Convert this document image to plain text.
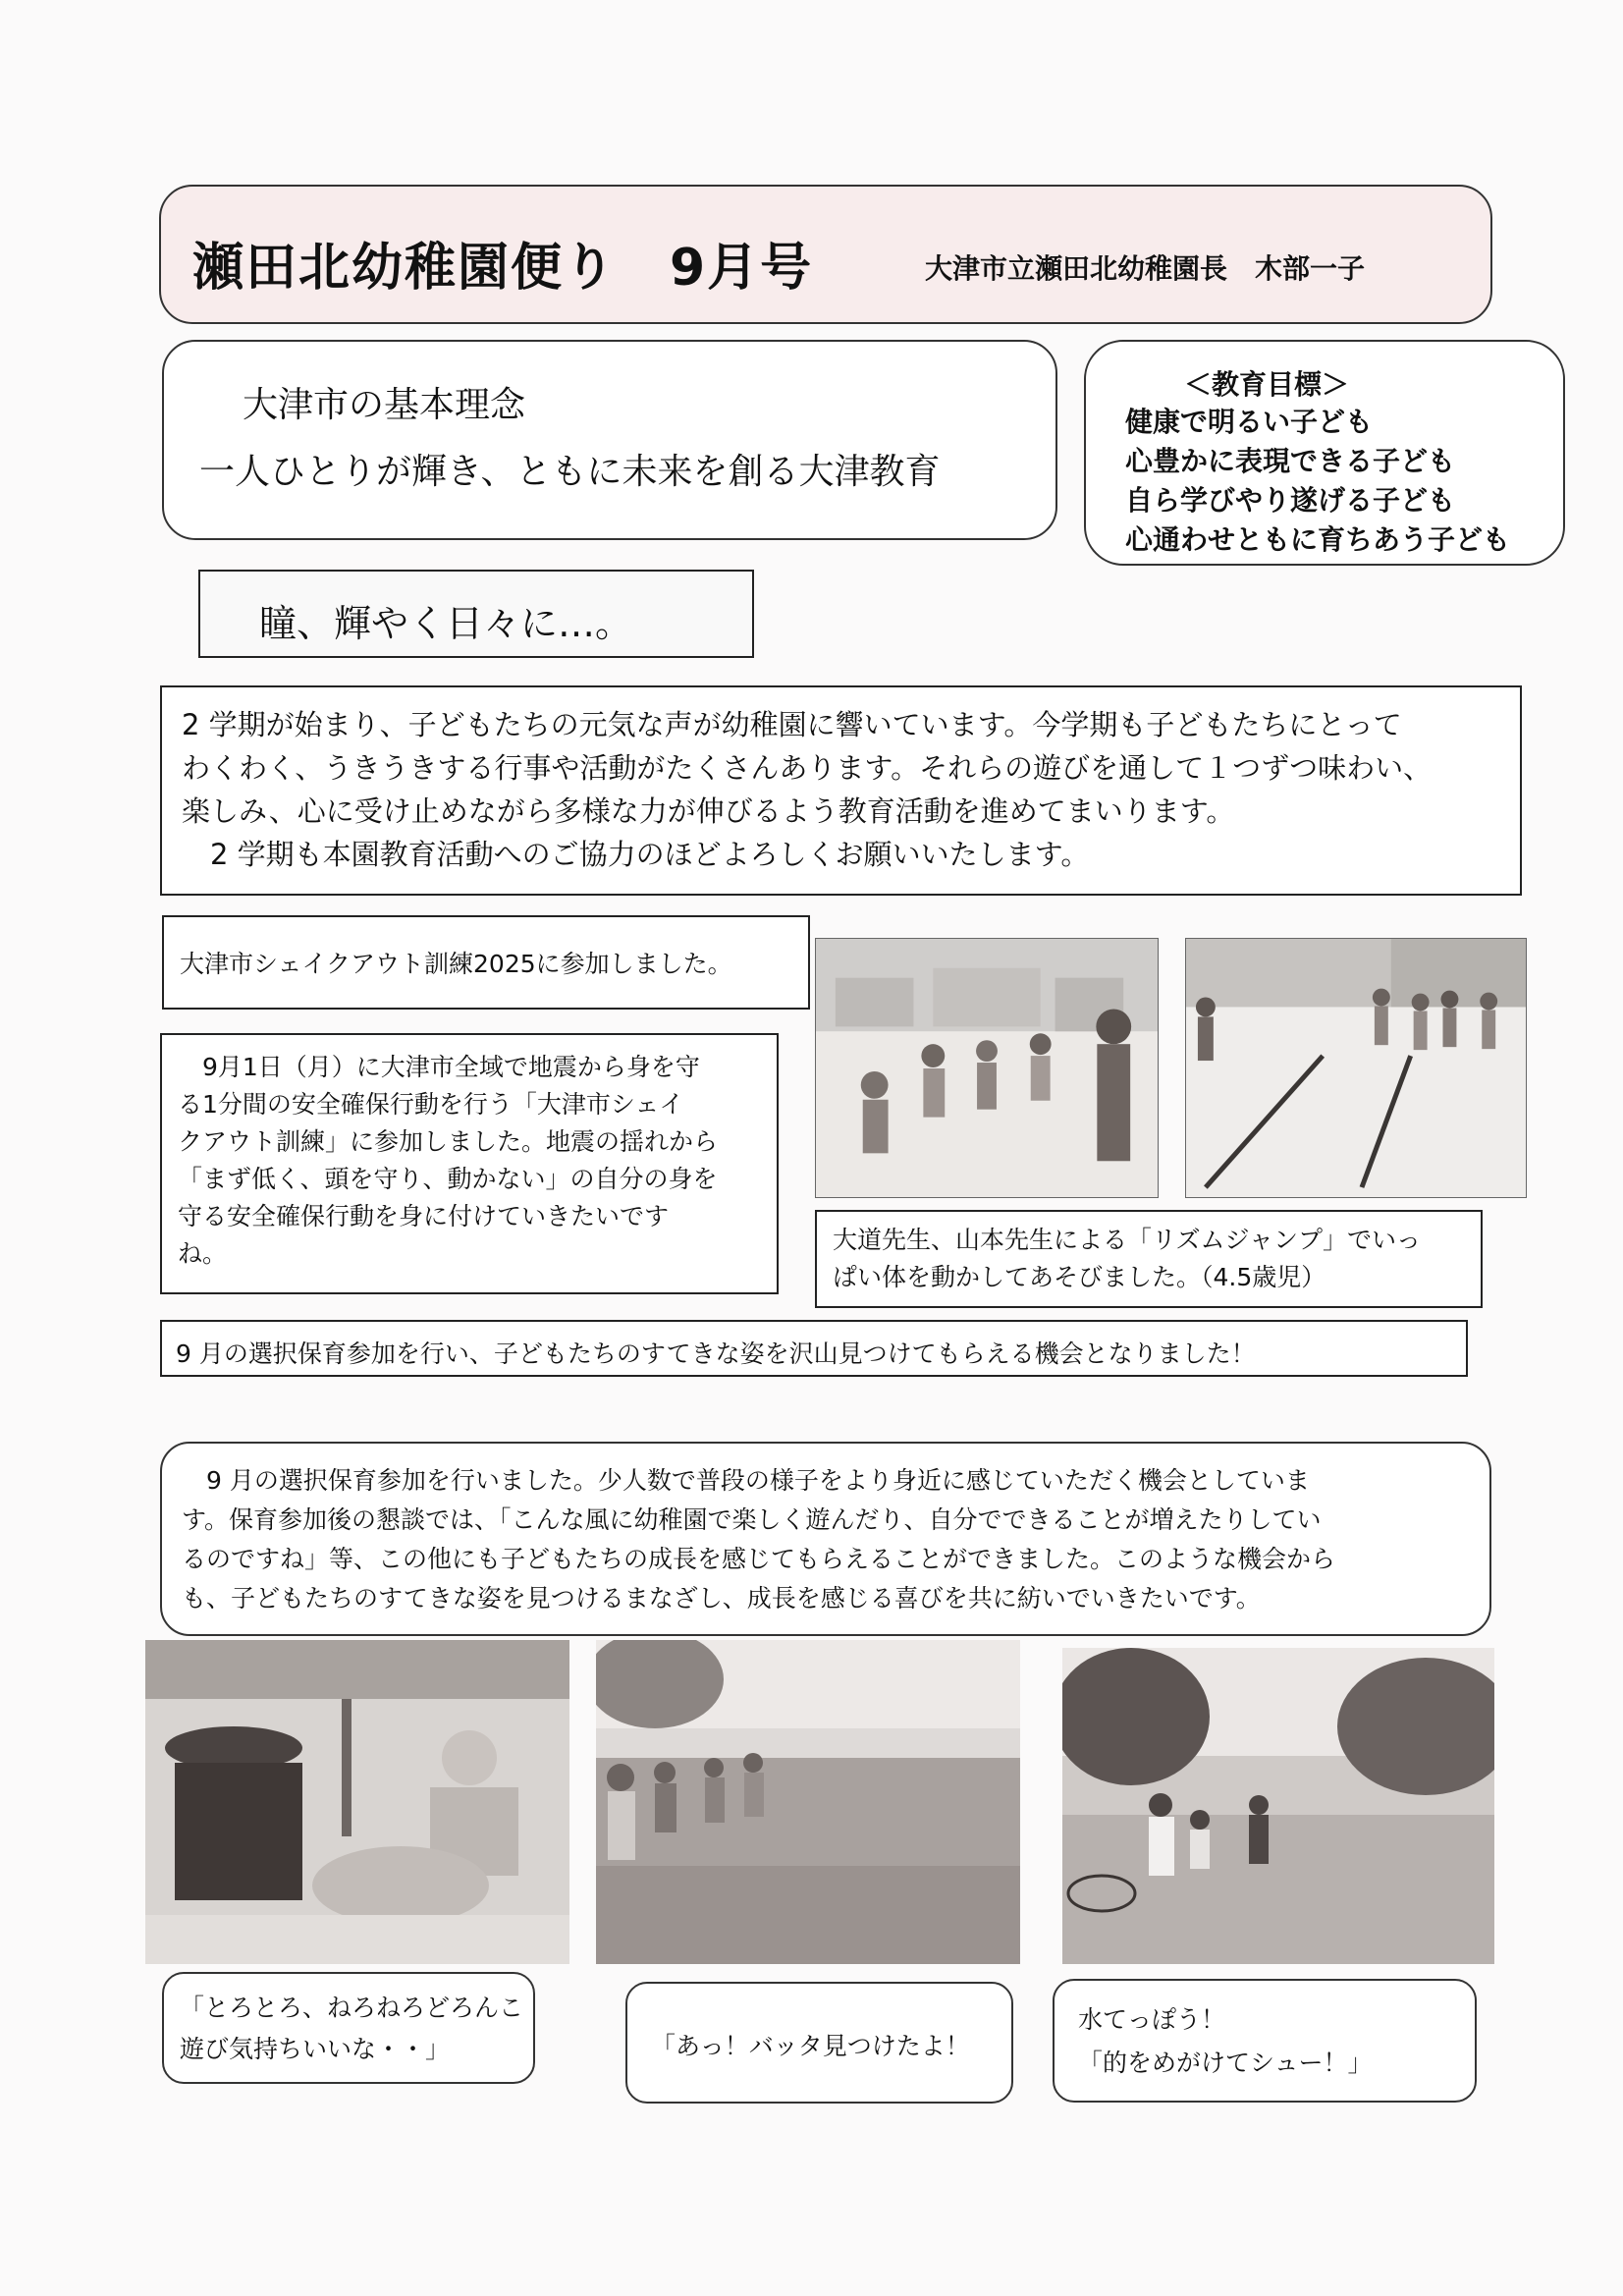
瀬田北幼稚園便り　9月号	大津市立瀬田北幼稚園長　木部一子
大津市の基本理念
一人ひとりが輝き、ともに未来を創る大津教育
＜教育目標＞
健康で明るい子ども
心豊かに表現できる子ども
自ら学びやり遂げる子ども
心通わせともに育ちあう子ども
瞳、輝やく日々に…。
2 学期が始まり、子どもたちの元気な声が幼稚園に響いています。今学期も子どもたちにとって
わくわく、うきうきする行事や活動がたくさんあります。それらの遊びを通して１つずつ味わい、
楽しみ、心に受け止めながら多様な力が伸びるよう教育活動を進めてまいります。
　2 学期も本園教育活動へのご協力のほどよろしくお願いいたします。
大津市シェイクアウト訓練2025に参加しました。
　9月1日（月）に大津市全域で地震から身を守
る1分間の安全確保行動を行う「大津市シェイ
クアウト訓練」に参加しました。地震の揺れから
「まず低く、頭を守り、動かない」の自分の身を
守る安全確保行動を身に付けていきたいです
ね。	大道先生、山本先生による「リズムジャンプ」でいっ
ぱい体を動かしてあそびました。（4.5歳児）
9 月の選択保育参加を行い、子どもたちのすてきな姿を沢山見つけてもらえる機会となりました！
　9 月の選択保育参加を行いました。少人数で普段の様子をより身近に感じていただく機会としていま
す。保育参加後の懇談では、「こんな風に幼稚園で楽しく遊んだり、自分でできることが増えたりしてい
るのですね」等、この他にも子どもたちの成長を感じてもらえることができました。このような機会から
も、子どもたちのすてきな姿を見つけるまなざし、成長を感じる喜びを共に紡いでいきたいです。
「とろとろ、ねろねろどろんこ
遊び気持ちいいな・・」	「あっ！バッタ見つけたよ！
水てっぽう！
「的をめがけてシュー！」
